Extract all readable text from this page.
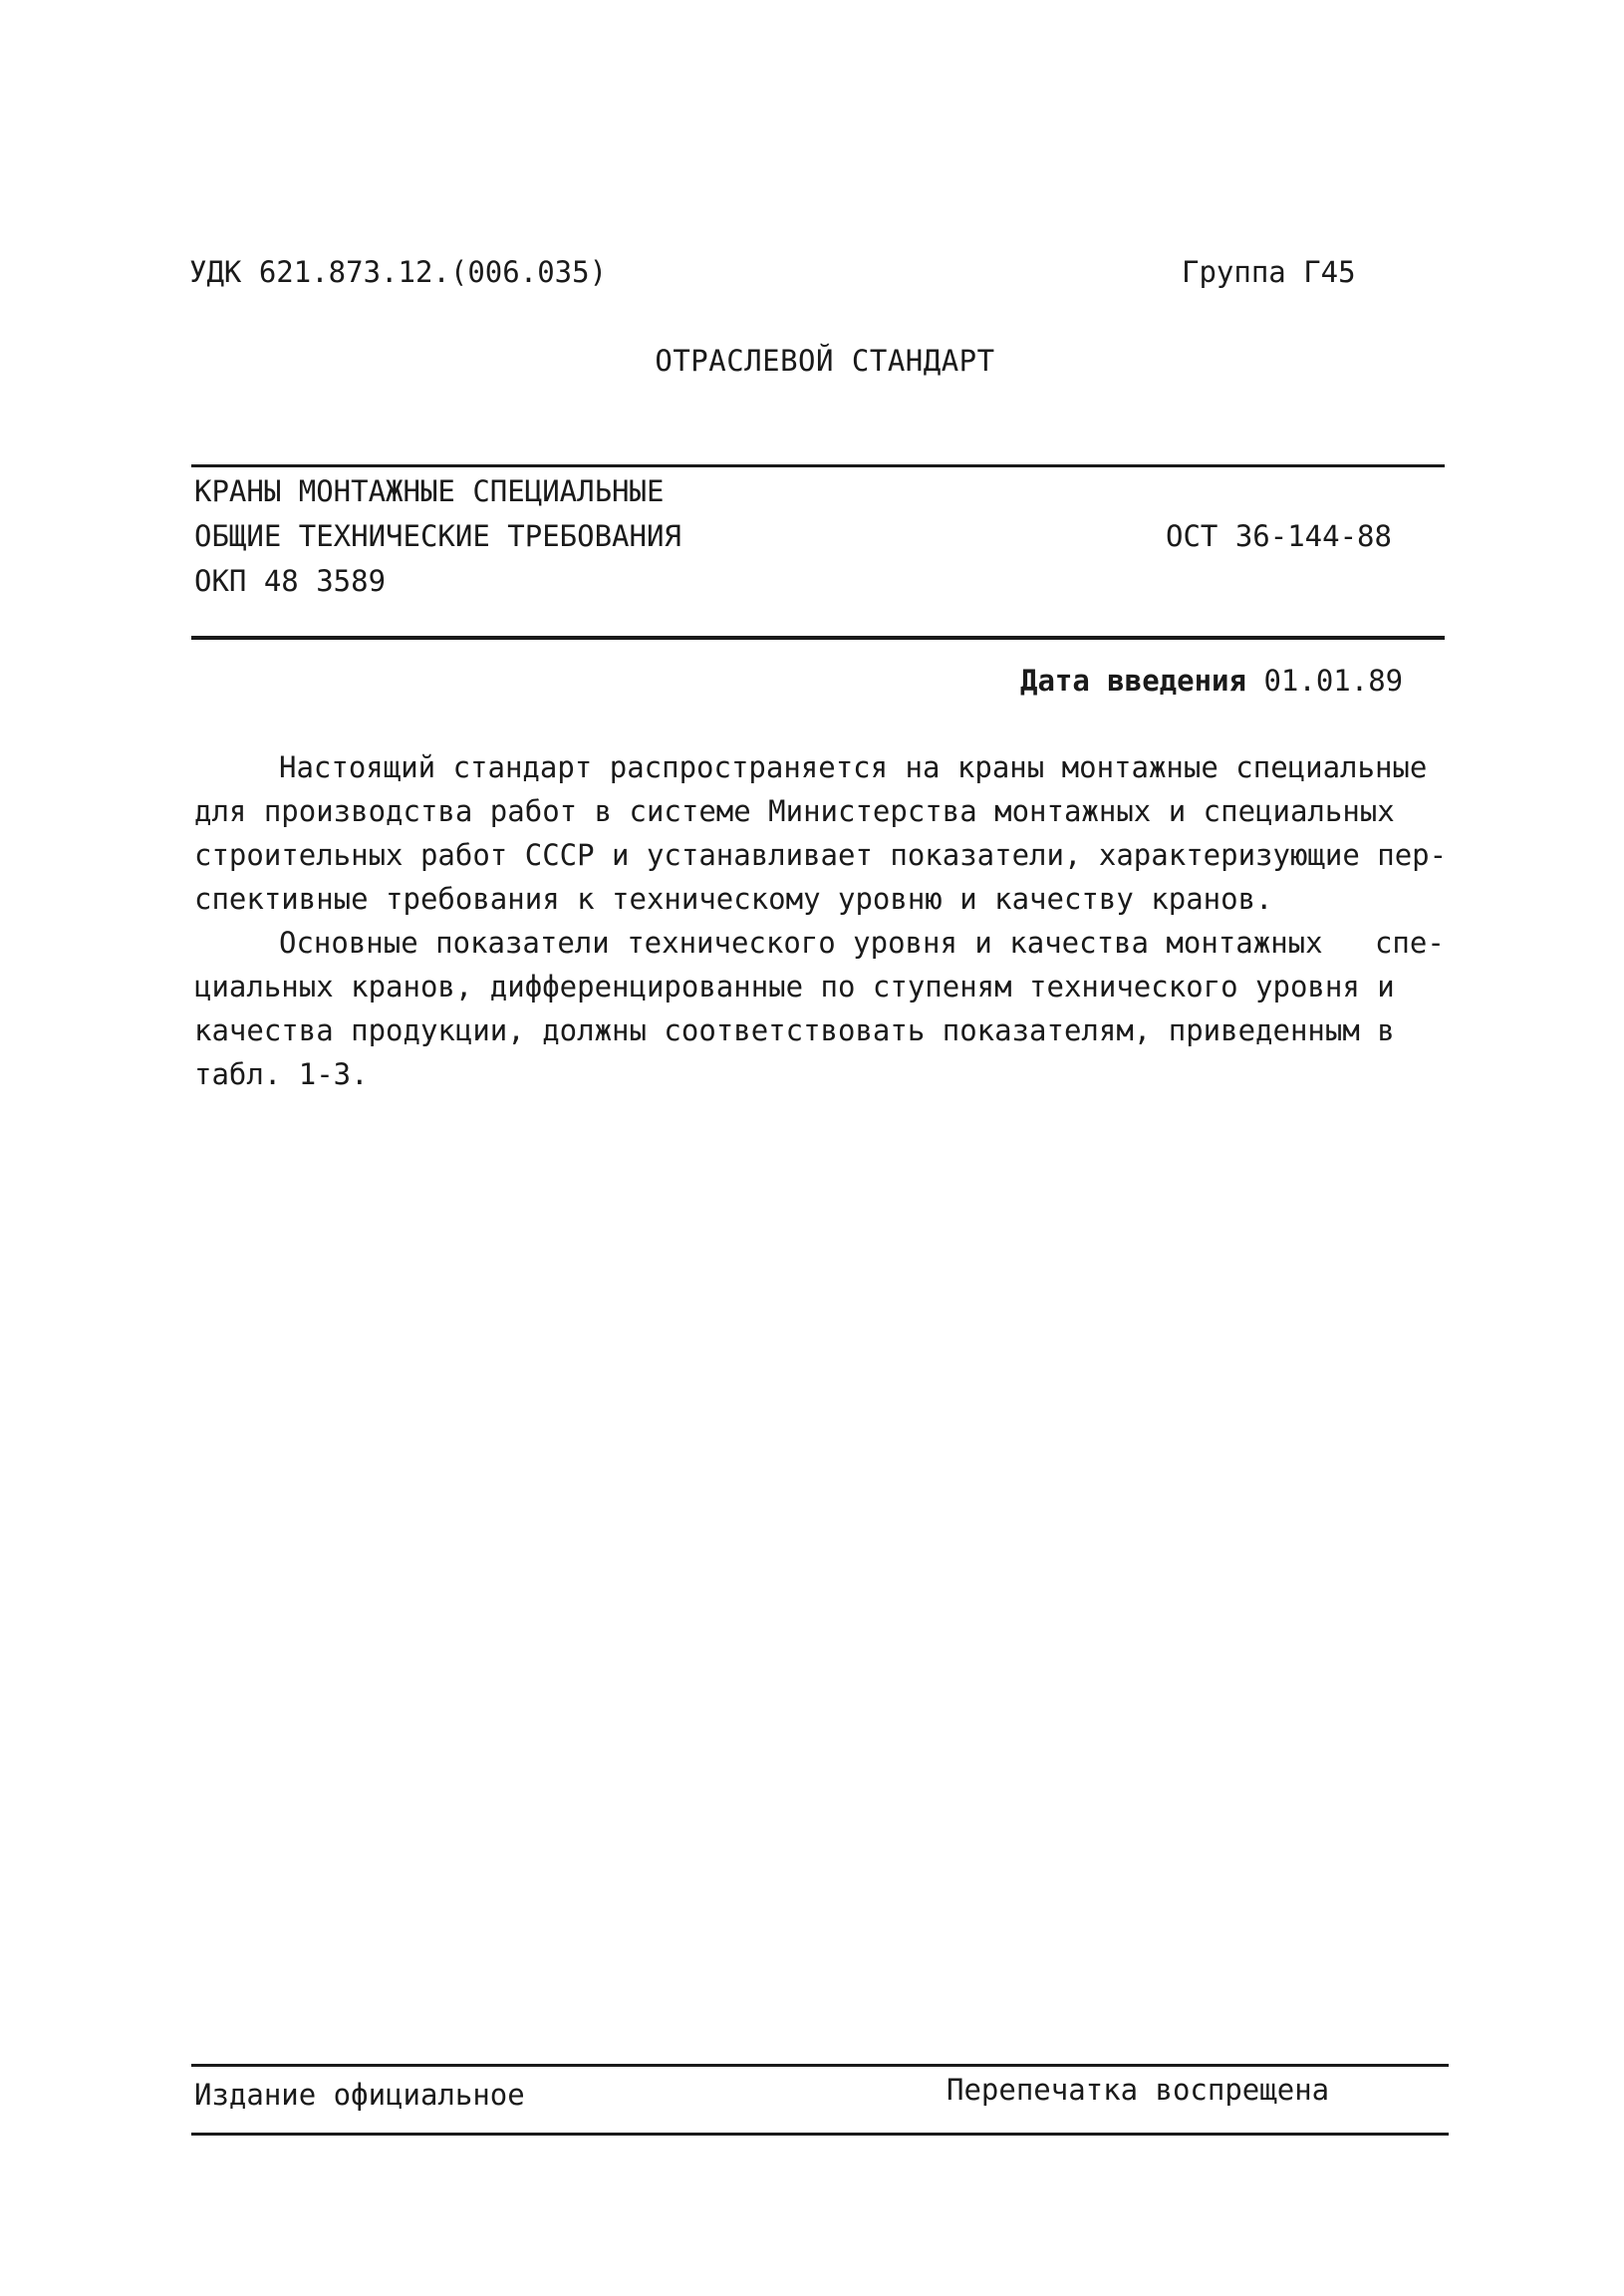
УДК 621.873.12.(006.035)	Группа Г45
ОТРАСЛЕВОЙ СТАНДАРТ
КРАНЫ МОНТАЖНЫЕ СПЕЦИАЛЬНЫЕ
ОБЩИЕ ТЕХНИЧЕСКИЕ ТРЕБОВАНИЯ
ОКП 48 3589
ОСТ 36-144-88
Дата введения 01.01.89
Настоящий стандарт распространяется на краны монтажные специальные
для производства работ в системе Министерства монтажных и специальных
строительных работ СССР и устанавливает показатели, характеризующие пер-
спективные требования к техническому уровню и качеству кранов.
Основные показатели технического уровня и качества монтажных   спе-
циальных кранов, дифференцированные по ступеням технического уровня и
качества продукции, должны соответствовать показателям, приведенным в
табл. 1-3.
Издание официальное	Перепечатка воспрещена
